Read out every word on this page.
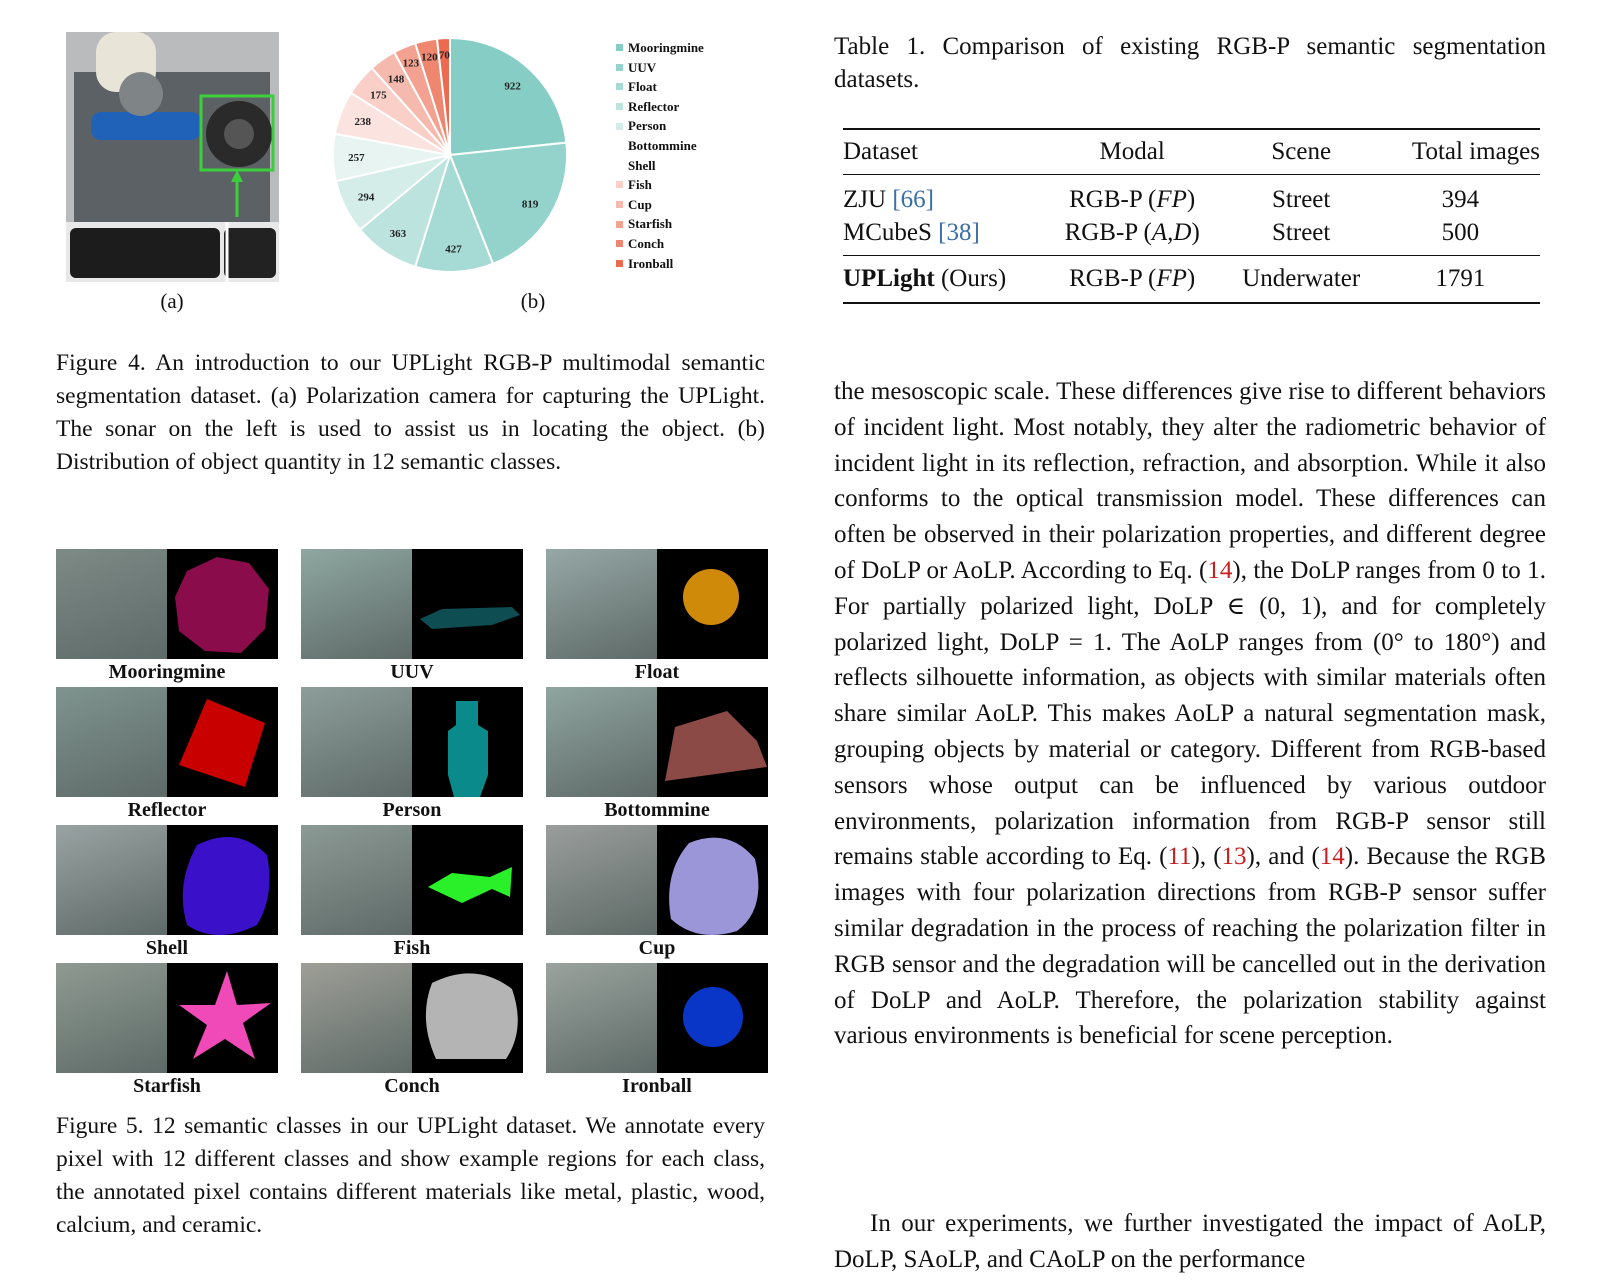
(a)
922
819
427
363
294
257
238
175
148
123 120 70
(b)
Mooringmine
UUV
Float
Reflector
Person
Bottommine
Shell
Fish
Cup
Starfish
Conch
Ironball
Figure 4. An introduction to our UPLight RGB-P multimodal semantic segmentation dataset. (a) Polarization camera for capturing the UPLight. The sonar on the left is used to assist us in locating the object. (b) Distribution of object quantity in 12 semantic classes.
Table 1. Comparison of existing RGB-P semantic segmentation datasets.
Dataset	Modal	Scene	Total images
ZJU [66]	RGB-P (FP)	Street	394
MCubeS [38]	RGB-P (A,D)	Street	500
UPLight (Ours)	RGB-P (FP)	Underwater	1791
Mooringmine	UUV	Float
Reflector	Person	Bottommine
Shell	Fish	Cup
Starfish	Conch	Ironball
Figure 5. 12 semantic classes in our UPLight dataset. We annotate every pixel with 12 different classes and show example regions for each class, the annotated pixel contains different materials like metal, plastic, wood, calcium, and ceramic.
the mesoscopic scale. These differences give rise to different behaviors of incident light. Most notably, they alter the radiometric behavior of incident light in its reflection, refraction, and absorption. While it also conforms to the optical transmission model. These differences can often be observed in their polarization properties, and different degree of DoLP or AoLP. According to Eq. (14), the DoLP ranges from 0 to 1. For partially polarized light, DoLP ∈ (0, 1), and for completely polarized light, DoLP = 1. The AoLP ranges from (0° to 180°) and reflects silhouette information, as objects with similar materials often share similar AoLP. This makes AoLP a natural segmentation mask, grouping objects by material or category. Different from RGB-based sensors whose output can be influenced by various outdoor environments, polarization information from RGB-P sensor still remains stable according to Eq. (11), (13), and (14). Because the RGB images with four polarization directions from RGB-P sensor suffer similar degradation in the process of reaching the polarization filter in RGB sensor and the degradation will be cancelled out in the derivation of DoLP and AoLP. Therefore, the polarization stability against various environments is beneficial for scene perception.
In our experiments, we further investigated the impact of AoLP, DoLP, SAoLP, and CAoLP on the performance
